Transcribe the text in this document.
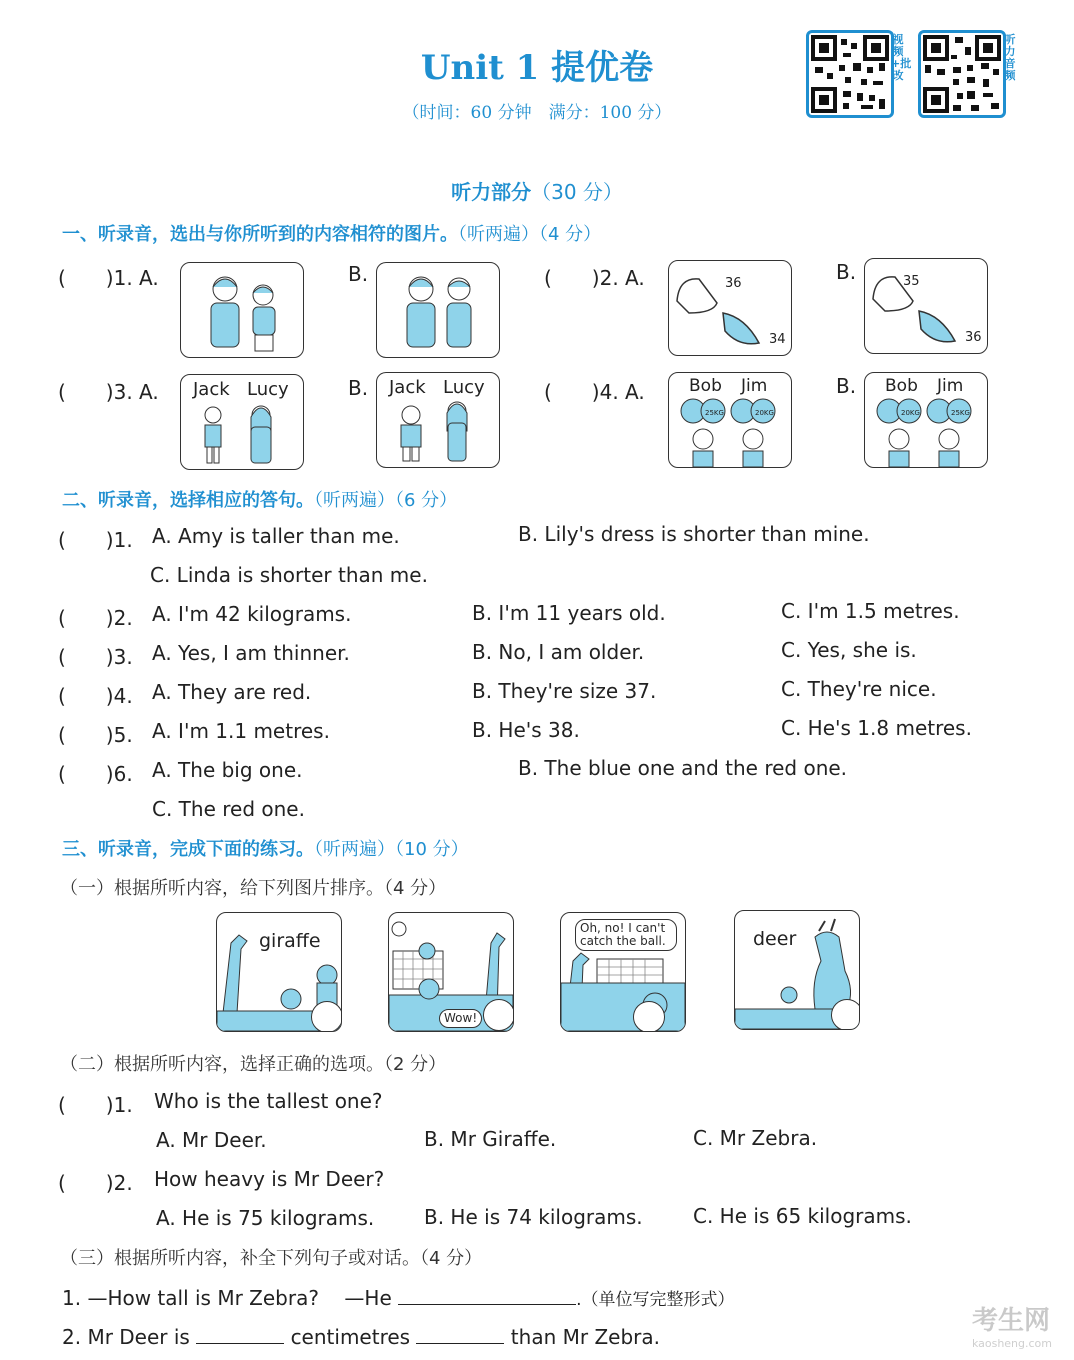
Unit 1 提优卷
（时间：60 分钟　满分：100 分）
视频+批改
听力音频
听力部分（30 分）
一、听录音，选出与你所听到的内容相符的图片。（听两遍）（4 分）
(　　)1. A.	B.	(　　)2. A.	36
34
B.	35
36
(　　)3. A. Jack Lucy	B. Jack Lucy	(　　)4. A.	Bob Jim
25KG	20KG
B. Bob Jim
20KG	25KG
二、听录音，选择相应的答句。（听两遍）（6 分）
(　　)1. A. Amy is taller than me.	B. Lily's dress is shorter than mine.
C. Linda is shorter than me.
(　　)2. A. I'm 42 kilograms.	B. I'm 11 years old.	C. I'm 1.5 metres.
(　　)3. A. Yes, I am thinner.	B. No, I am older.	C. Yes, she is.
(　　)4. A. They are red.	B. They're size 37.	C. They're nice.
(　　)5. A. I'm 1.1 metres.	B. He's 38.	C. He's 1.8 metres.
(　　)6. A. The big one.	B. The blue one and the red one.
C. The red one.
三、听录音，完成下面的练习。（听两遍）（10 分）
（一）根据所听内容，给下列图片排序。（4 分）
giraffe
Wow!
Oh, no! I can't catch the ball.	deer
（二）根据所听内容，选择正确的选项。（2 分）
(　　)1. Who is the tallest one?
A. Mr Deer.	B. Mr Giraffe.	C. Mr Zebra.
(　　)2. How heavy is Mr Deer?
A. He is 75 kilograms. B. He is 74 kilograms.	C. He is 65 kilograms.
（三）根据所听内容，补全下列句子或对话。（4 分）
1. —How tall is Mr Zebra? —He	.（单位写完整形式）
2. Mr Deer is	centimetres	than Mr Zebra.
考生网
kaosheng.com
